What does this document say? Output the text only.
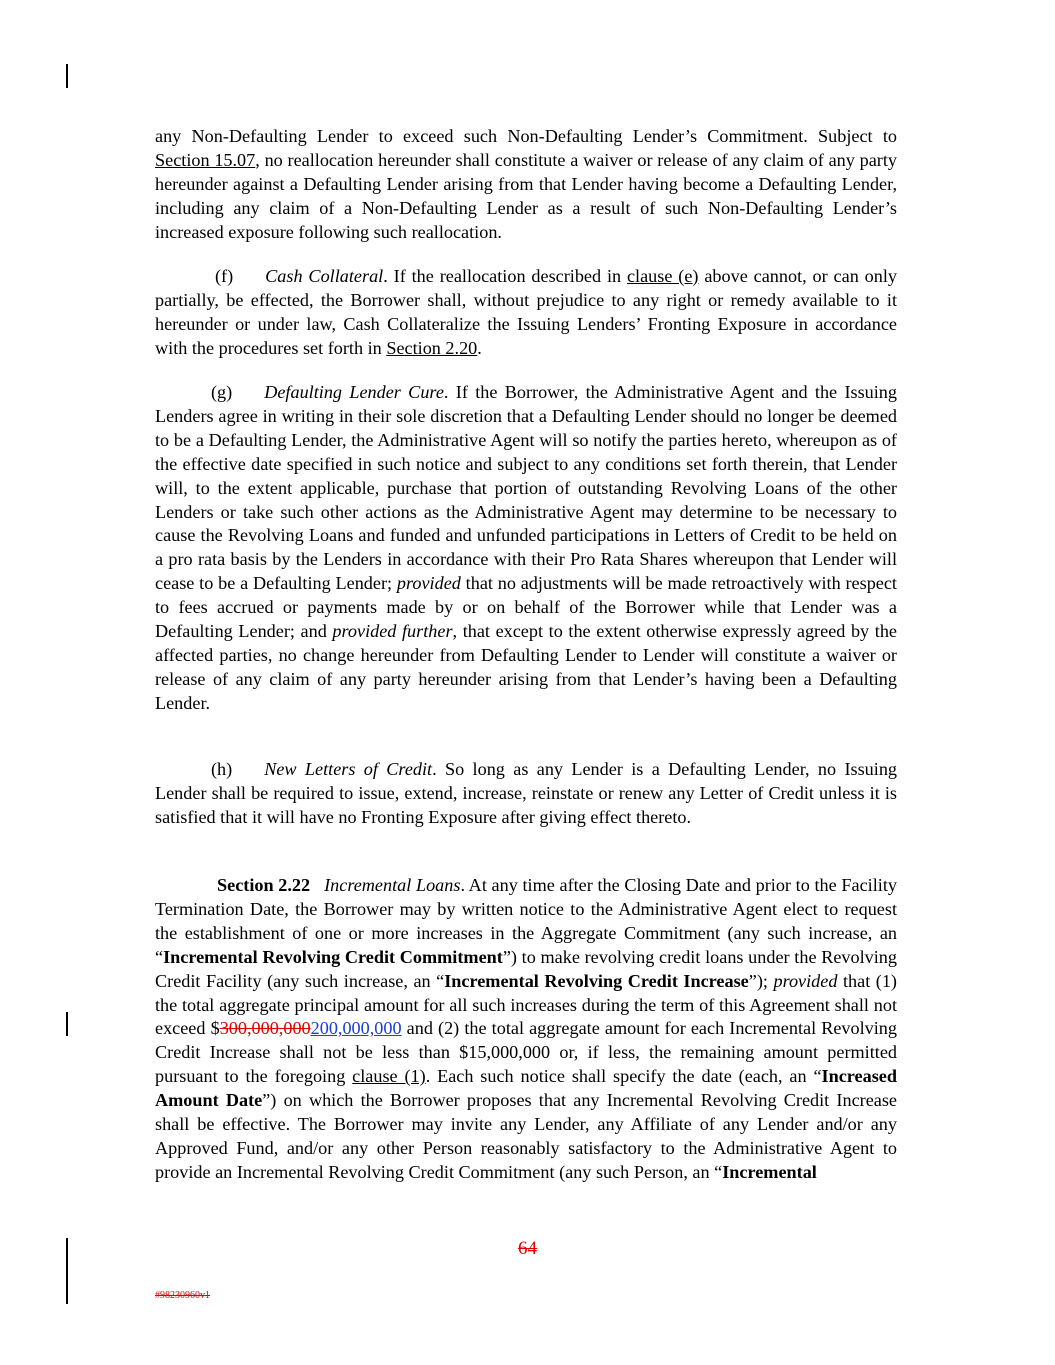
any Non-Defaulting Lender to exceed such Non-Defaulting Lender’s Commitment. Subject to Section 15.07, no reallocation hereunder shall constitute a waiver or release of any claim of any party hereunder against a Defaulting Lender arising from that Lender having become a Defaulting Lender, including any claim of a Non-Defaulting Lender as a result of such Non-Defaulting Lender’s increased exposure following such reallocation.

(f) Cash Collateral. If the reallocation described in clause (e) above cannot, or can only partially, be effected, the Borrower shall, without prejudice to any right or remedy available to it hereunder or under law, Cash Collateralize the Issuing Lenders’ Fronting Exposure in accordance with the procedures set forth in Section 2.20.

(g) Defaulting Lender Cure. If the Borrower, the Administrative Agent and the Issuing Lenders agree in writing in their sole discretion that a Defaulting Lender should no longer be deemed to be a Defaulting Lender, the Administrative Agent will so notify the parties hereto, whereupon as of the effective date specified in such notice and subject to any conditions set forth therein, that Lender will, to the extent applicable, purchase that portion of outstanding Revolving Loans of the other Lenders or take such other actions as the Administrative Agent may determine to be necessary to cause the Revolving Loans and funded and unfunded participations in Letters of Credit to be held on a pro rata basis by the Lenders in accordance with their Pro Rata Shares whereupon that Lender will cease to be a Defaulting Lender; provided that no adjustments will be made retroactively with respect to fees accrued or payments made by or on behalf of the Borrower while that Lender was a Defaulting Lender; and provided further, that except to the extent otherwise expressly agreed by the affected parties, no change hereunder from Defaulting Lender to Lender will constitute a waiver or release of any claim of any party hereunder arising from that Lender’s having been a Defaulting Lender.

(h) New Letters of Credit. So long as any Lender is a Defaulting Lender, no Issuing Lender shall be required to issue, extend, increase, reinstate or renew any Letter of Credit unless it is satisfied that it will have no Fronting Exposure after giving effect thereto.

Section 2.22 Incremental Loans. At any time after the Closing Date and prior to the Facility Termination Date, the Borrower may by written notice to the Administrative Agent elect to request the establishment of one or more increases in the Aggregate Commitment (any such increase, an “Incremental Revolving Credit Commitment”) to make revolving credit loans under the Revolving Credit Facility (any such increase, an “Incremental Revolving Credit Increase”); provided that (1) the total aggregate principal amount for all such increases during the term of this Agreement shall not exceed $300,000,000200,000,000 and (2) the total aggregate amount for each Incremental Revolving Credit Increase shall not be less than $15,000,000 or, if less, the remaining amount permitted pursuant to the foregoing clause (1). Each such notice shall specify the date (each, an “Increased Amount Date”) on which the Borrower proposes that any Incremental Revolving Credit Increase shall be effective. The Borrower may invite any Lender, any Affiliate of any Lender and/or any Approved Fund, and/or any other Person reasonably satisfactory to the Administrative Agent to provide an Incremental Revolving Credit Commitment (any such Person, an “Incremental

64
#98230960v1
